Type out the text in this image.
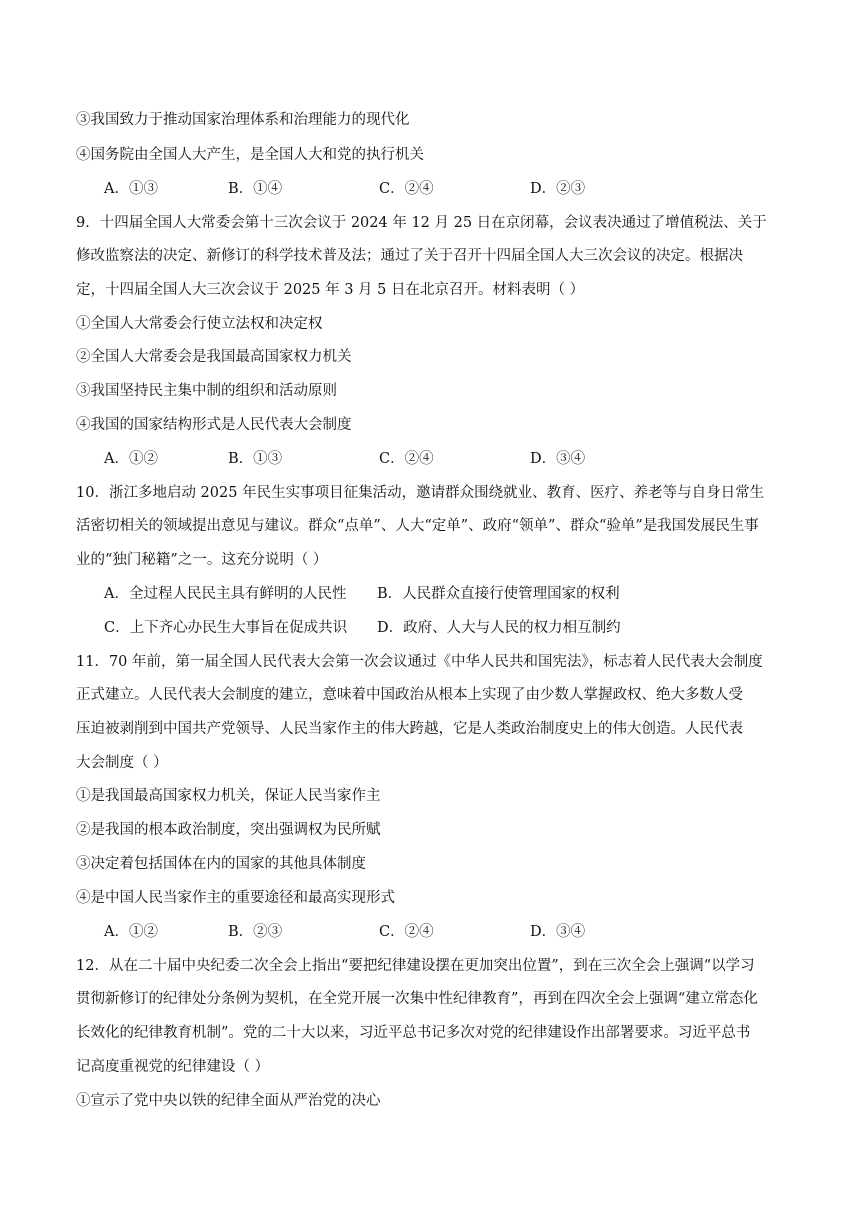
③我国致力于推动国家治理体系和治理能力的现代化
④国务院由全国人大产生，是全国人大和党的执行机关
A．①③	B．①④	C．②④	D．②③
9．十四届全国人大常委会第十三次会议于 2024 年 12 月 25 日在京闭幕，会议表决通过了增值税法、关于
修改监察法的决定、新修订的科学技术普及法；通过了关于召开十四届全国人大三次会议的决定。根据决
定，十四届全国人大三次会议于 2025 年 3 月 5 日在北京召开。材料表明（ ）
①全国人大常委会行使立法权和决定权
②全国人大常委会是我国最高国家权力机关
③我国坚持民主集中制的组织和活动原则
④我国的国家结构形式是人民代表大会制度
A．①②	B．①③	C．②④	D．③④
10．浙江多地启动 2025 年民生实事项目征集活动，邀请群众围绕就业、教育、医疗、养老等与自身日常生
活密切相关的领域提出意见与建议。群众“点单”、人大“定单”、政府“领单”、群众“验单”是我国发展民生事
业的“独门秘籍”之一。这充分说明（ ）
A．全过程人民民主具有鲜明的人民性 B．人民群众直接行使管理国家的权利
C．上下齐心办民生大事旨在促成共识 D．政府、人大与人民的权力相互制约
11．70 年前，第一届全国人民代表大会第一次会议通过《中华人民共和国宪法》，标志着人民代表大会制度
正式建立。人民代表大会制度的建立，意味着中国政治从根本上实现了由少数人掌握政权、绝大多数人受
压迫被剥削到中国共产党领导、人民当家作主的伟大跨越，它是人类政治制度史上的伟大创造。人民代表
大会制度（ ）
①是我国最高国家权力机关，保证人民当家作主
②是我国的根本政治制度，突出强调权为民所赋
③决定着包括国体在内的国家的其他具体制度
④是中国人民当家作主的重要途径和最高实现形式
A．①②	B．②③	C．②④	D．③④
12．从在二十届中央纪委二次全会上指出“要把纪律建设摆在更加突出位置”，到在三次全会上强调“以学习
贯彻新修订的纪律处分条例为契机，在全党开展一次集中性纪律教育”，再到在四次全会上强调“建立常态化
长效化的纪律教育机制”。党的二十大以来，习近平总书记多次对党的纪律建设作出部署要求。习近平总书
记高度重视党的纪律建设（ ）
①宣示了党中央以铁的纪律全面从严治党的决心
